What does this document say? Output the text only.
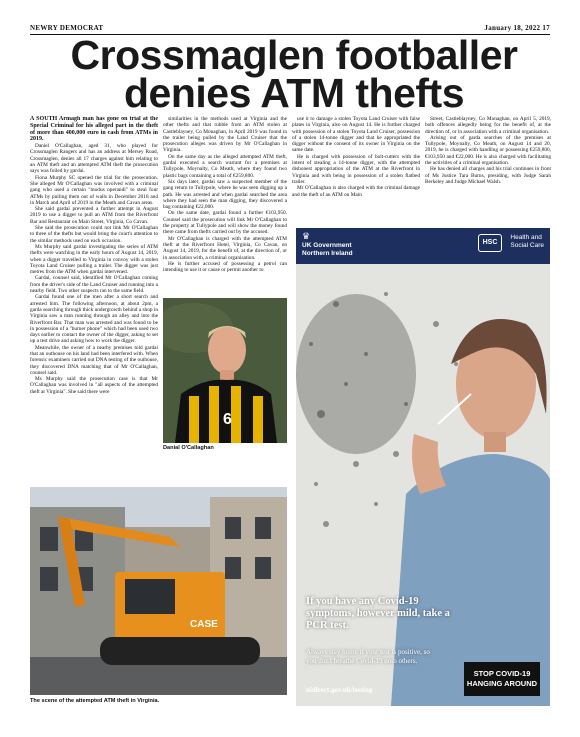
NEWRY DEMOCRAT	January 18, 2022 17
Crossmaglen footballer denies ATM thefts

A SOUTH Armagh man has gone on trial at the Special Criminal for his alleged part in the theft of more than 400,000 euro in cash from ATMs in 2019.

Daniel O'Callaghan, aged 31, who played for Crossmaglen Rangers and has an address at Mersey Road, Crossmaglen, denies all 17 charges against him relating to an ATM theft and an attempted ATM theft the prosecution says was foiled by gardai.

Fiona Murphy SC opened the trial for the prosecution. She alleged Mr O'Callaghan was involved with a criminal gang who used a certain "modus operandi" to steal four ATMs by pulling them out of walls in December 2018 and in March and April of 2019 in the Meath and Cavan areas.

She said gardai prevented a further attempt in August 2019 to use a digger to pull an ATM from the Riverfront Bar and Restaurant on Main Street, Virginia, Co Cavan.

She said the prosecution could not link Mr O'Callaghan to three of the thefts but would bring the court's attention to the similar methods used on each occasion.

Ms Murphy said gardai investigating the series of ATM thefts were watching in the early hours of August 14, 2019, when a digger travelled to Virginia in convoy with a stolen Toyota Land Cruiser pulling a trailer. The digger was just metres from the ATM when gardai intervened.

Gardai, counsel said, identified Mr O'Callaghan coming from the driver's side of the Land Cruiser and running into a nearby field. Two other suspects ran to the same field.

Gardai found one of the men after a short search and arrested him. The following afternoon, at about 2pm, a garda searching through thick undergrowth behind a shop in Virginia saw a man running through an alley and into the Riverfront Bar. That man was arrested and was found to be in possession of a "burner phone" which had been used two days earlier to contact the owner of the digger, asking to set up a test drive and asking how to work the digger.

Meanwhile, the owner of a nearby premises told gardai that an outhouse on his land had been interfered with. When forensic examiners carried out DNA testing of the outhouse, they discovered DNA matching that of Mr O'Callaghan, counsel said.

Ms Murphy said the prosecution case is that Mr O'Callaghan was involved in "all aspects of the attempted theft at Virginia". She said there were

similarities in the methods used at Virginia and the other thefts and that rubble from an ATM stolen at Castleblayney, Co Monaghan, in April 2019 was found in the trailer being pulled by the Land Cruiser that the prosecution alleges was driven by Mr O'Callaghan in Virginia.

On the same day as the alleged attempted ATM theft, gardai executed a search warrant for a premises at Tullypole, Moynalty, Co Meath, where they found two plastic bags containing a total of €259,800.

Six days later, gardai saw a suspected member of the gang return to Tullypole, where he was seen digging up a path. He was arrested and when gardai searched the area where they had seen the man digging, they discovered a bag containing €22,000.

On the same date, gardai found a further €103,950. Counsel said the prosecution will link Mr O'Callaghan to the property at Tullypole and will show the money found there came from thefts carried out by the accused.

Mr O'Callaghan is charged with the attempted ATM theft at the Riverfront Hotel, Virginia, Co Cavan, on August 14, 2019, for the benefit of, at the direction of, or in association with, a criminal organisation.

He is further accused of possessing a petrol can intending to use it or cause or permit another to

use it to damage a stolen Toyota Land Cruiser with false plates in Virginia, also on August 14. He is further charged with possession of a stolen Toyota Land Cruiser, possession of a stolen 14-tonne digger and that he appropriated the digger without the consent of its owner in Virginia on the same date.

He is charged with possession of bolt-cutters with the intent of stealing a 14-tonne digger, with the attempted dishonest appropriation of the ATM at the Riverfront in Virginia and with being in possession of a stolen flatbed trailer.

Mr O'Callaghan is also charged with the criminal damage and the theft of an ATM on Main

Street, Castleblayney, Co Monaghan, on April 5, 2019, both offences allegedly being for the benefit of, at the direction of, or in association with a criminal organisation.

Arising out of garda searches of the premises at Tullypole, Moynalty, Co Meath, on August 14 and 20, 2019, he is charged with handling or possessing €259,800, €103,950 and €22,000. He is also charged with facilitating the activities of a criminal organisation.

He has denied all charges and his trial continues in front of Ms Justice Tara Burns, presiding, with Judge Sarah Berkeley and Judge Michael Walsh.

6
Danial O'Callaghan
CASE
The scene of the attempted ATM theft in Virginia.
♛
UK Government
Northern Ireland
HSC
Health and
Social Care
If you have any Covid-19 symptoms, however mild, take a PCR test.
Always stay home if your test is positive, so you don't breathe Covid-19 onto others.
nidirect.gov.uk/testing
STOP COVID-19
HANGING AROUND
